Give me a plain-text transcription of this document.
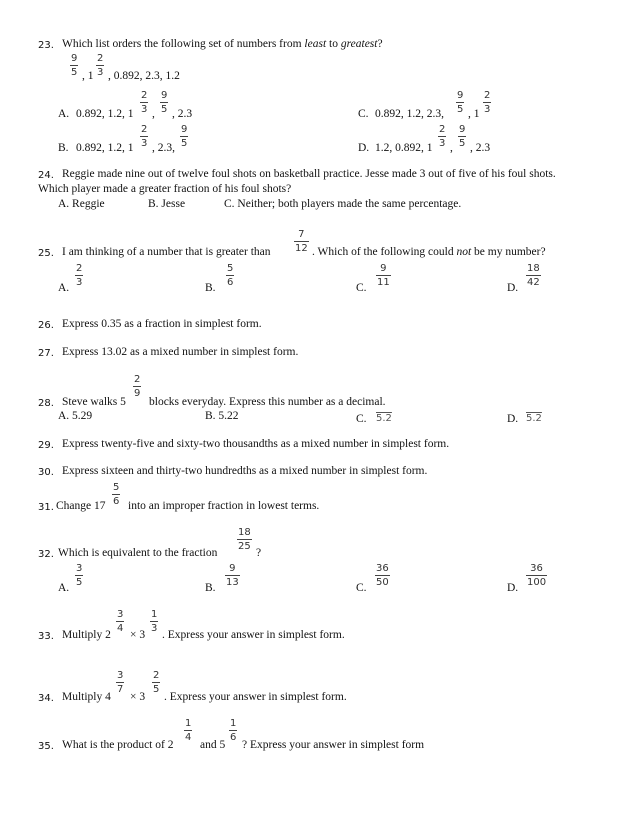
23. Which list orders the following set of numbers from least to greatest?
9
5 , 1
2
3 , 0.892, 2.3, 1.2
A. 0.892, 1.2, 1
2
3 ,
9
5 , 2.3	C. 0.892, 1.2, 2.3,
9
5 , 1
2
3
B. 0.892, 1.2, 1
2
3 , 2.3,
9
5	D. 1.2, 0.892, 1
2
3 ,
9
5 , 2.3
24. Reggie made nine out of twelve foul shots on basketball practice. Jesse made 3 out of five of his foul shots.
Which player made a greater fraction of his foul shots?
A. Reggie	B. Jesse	C. Neither; both players made the same percentage.
25. I am thinking of a number that is greater than
7
12 . Which of the following could not be my number?
A.
2
3	B.
5
6	C.
9
11	D.
18
42
26. Express 0.35 as a fraction in simplest form.
27. Express 13.02 as a mixed number in simplest form.
28. Steve walks 5
2
9
blocks everyday. Express this number as a decimal.
A. 5.29	B. 5.22	C. 5.2	D. 5.2
29. Express twenty-five and sixty-two thousandths as a mixed number in simplest form.
30. Express sixteen and thirty-two hundredths as a mixed number in simplest form.
31. Change 17
5
6 into an improper fraction in lowest terms.
32. Which is equivalent to the fraction
18
25
?
A.
3
5	B.
9
13	C.
36
50	D.
36
100
33. Multiply 2
3
4
× 3
1
3
. Express your answer in simplest form.
34. Multiply 4
3
7
× 3
2
5
. Express your answer in simplest form.
35. What is the product of 2
1
4
and 5
1
6
? Express your answer in simplest form
